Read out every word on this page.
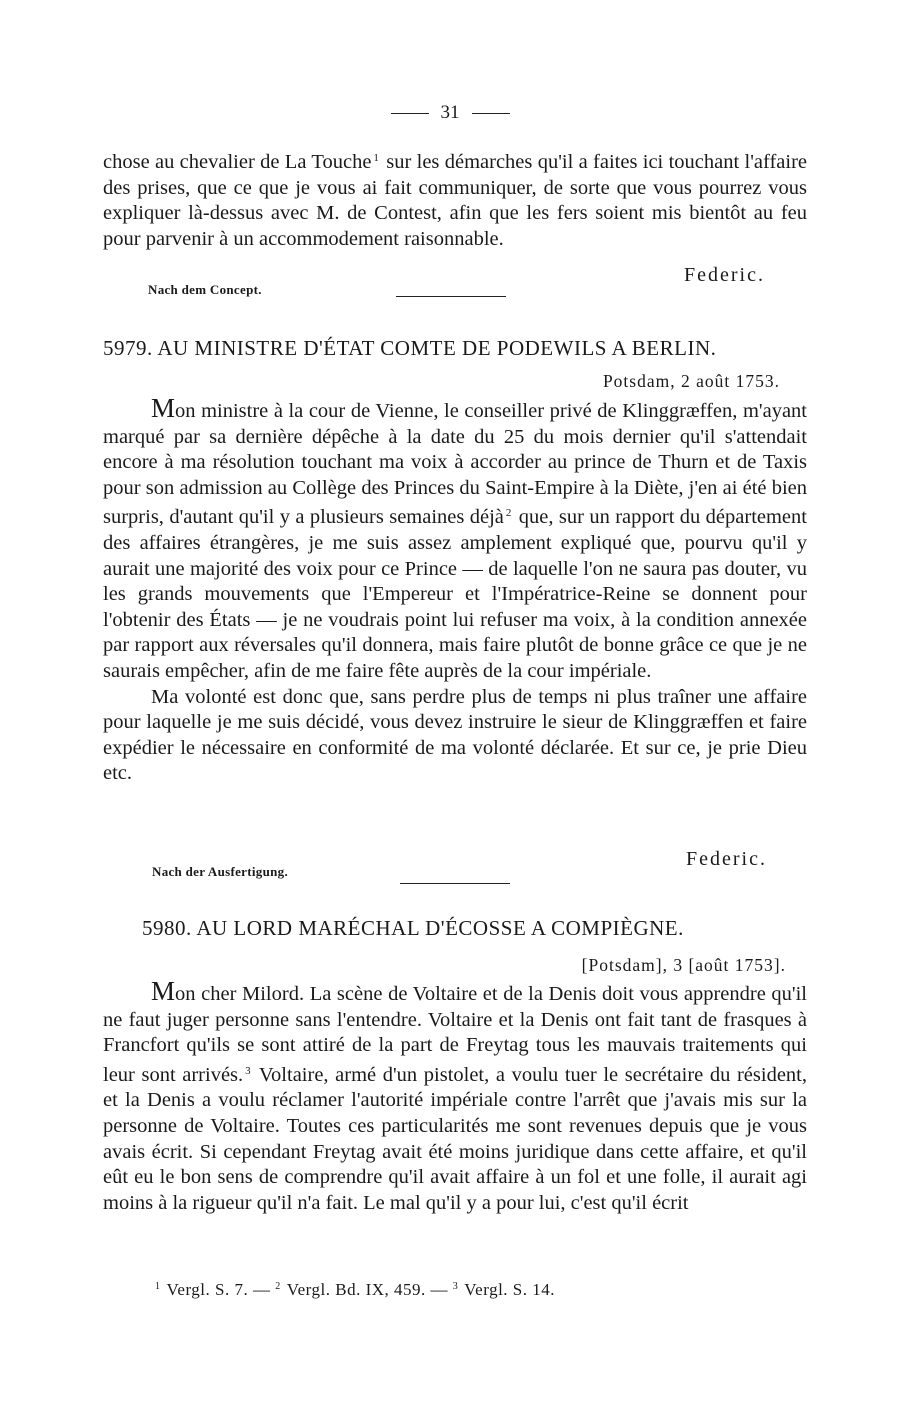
31

chose au chevalier de La Touche $^1$ sur les démarches qu'il a faites ici touchant l'affaire des prises, que ce que je vous ai fait communiquer, de sorte que vous pourrez vous expliquer là-dessus avec M. de Contest, afin que les fers soient mis bientôt au feu pour parvenir à un accommodement raisonnable.

Federic.
Nach dem Concept.
5979. AU MINISTRE D'ÉTAT COMTE DE PODEWILS A BERLIN.
Potsdam, 2 août 1753.

Mon ministre à la cour de Vienne, le conseiller privé de Klinggræffen, m'ayant marqué par sa dernière dépêche à la date du 25 du mois dernier qu'il s'attendait encore à ma résolution touchant ma voix à accorder au prince de Thurn et de Taxis pour son admission au Collège des Princes du Saint-Empire à la Diète, j'en ai été bien surpris, d'autant qu'il y a plusieurs semaines déjà $^2$ que, sur un rapport du département des affaires étrangères, je me suis assez amplement expliqué que, pourvu qu'il y aurait une majorité des voix pour ce Prince — de laquelle l'on ne saura pas douter, vu les grands mouvements que l'Empereur et l'Impératrice-Reine se donnent pour l'obtenir des États — je ne voudrais point lui refuser ma voix, à la condition annexée par rapport aux réversales qu'il donnera, mais faire plutôt de bonne grâce ce que je ne saurais empêcher, afin de me faire fête auprès de la cour impériale.

Ma volonté est donc que, sans perdre plus de temps ni plus traîner une affaire pour laquelle je me suis décidé, vous devez instruire le sieur de Klinggræffen et faire expédier le nécessaire en conformité de ma volonté déclarée. Et sur ce, je prie Dieu etc.

Federic.
Nach der Ausfertigung.
5980. AU LORD MARÉCHAL D'ÉCOSSE A COMPIÈGNE.
[Potsdam], 3 [août 1753].

Mon cher Milord. La scène de Voltaire et de la Denis doit vous apprendre qu'il ne faut juger personne sans l'entendre. Voltaire et la Denis ont fait tant de frasques à Francfort qu'ils se sont attiré de la part de Freytag tous les mauvais traitements qui leur sont arrivés. $^3$ Voltaire, armé d'un pistolet, a voulu tuer le secrétaire du résident, et la Denis a voulu réclamer l'autorité impériale contre l'arrêt que j'avais mis sur la personne de Voltaire. Toutes ces particularités me sont revenues depuis que je vous avais écrit. Si cependant Freytag avait été moins juridique dans cette affaire, et qu'il eût eu le bon sens de comprendre qu'il avait affaire à un fol et une folle, il aurait agi moins à la rigueur qu'il n'a fait. Le mal qu'il y a pour lui, c'est qu'il écrit

$^1$ Vergl. S. 7. — $^2$ Vergl. Bd. IX, 459. — $^3$ Vergl. S. 14.
